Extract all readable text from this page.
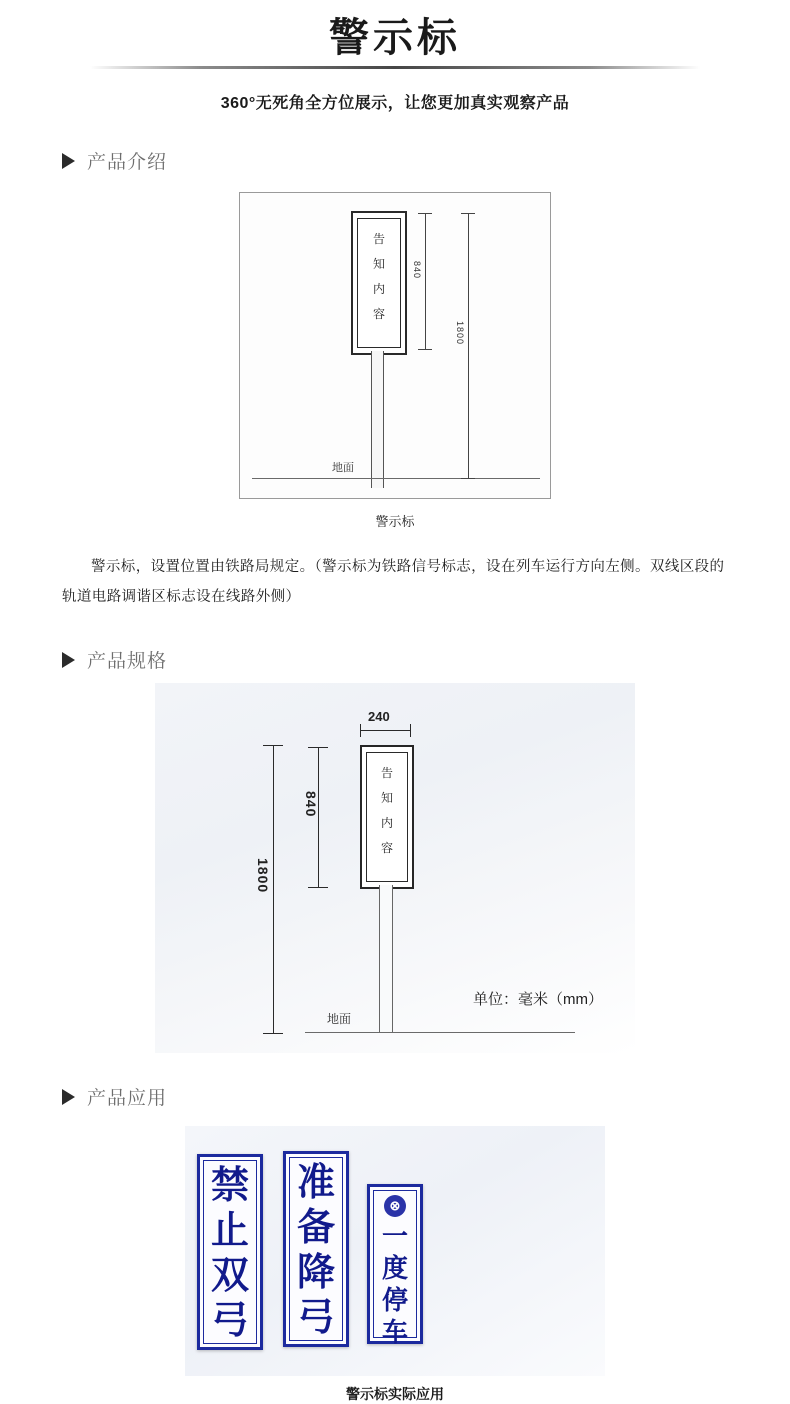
警示标
360°无死角全方位展示，让您更加真实观察产品
产品介绍
告
知
内
容
地面
840
1800
警示标
警示标，设置位置由铁路局规定。（警示标为铁路信号标志，设在列车运行方向左侧。双线区段的轨道电路调谐区标志设在线路外侧）
产品规格
240
告
知
内
容
地面
840
1800
单位：毫米（mm）
产品应用
禁
止
双
弓
准
备
降
弓
⊗
一
度
停
车
警示标实际应用
